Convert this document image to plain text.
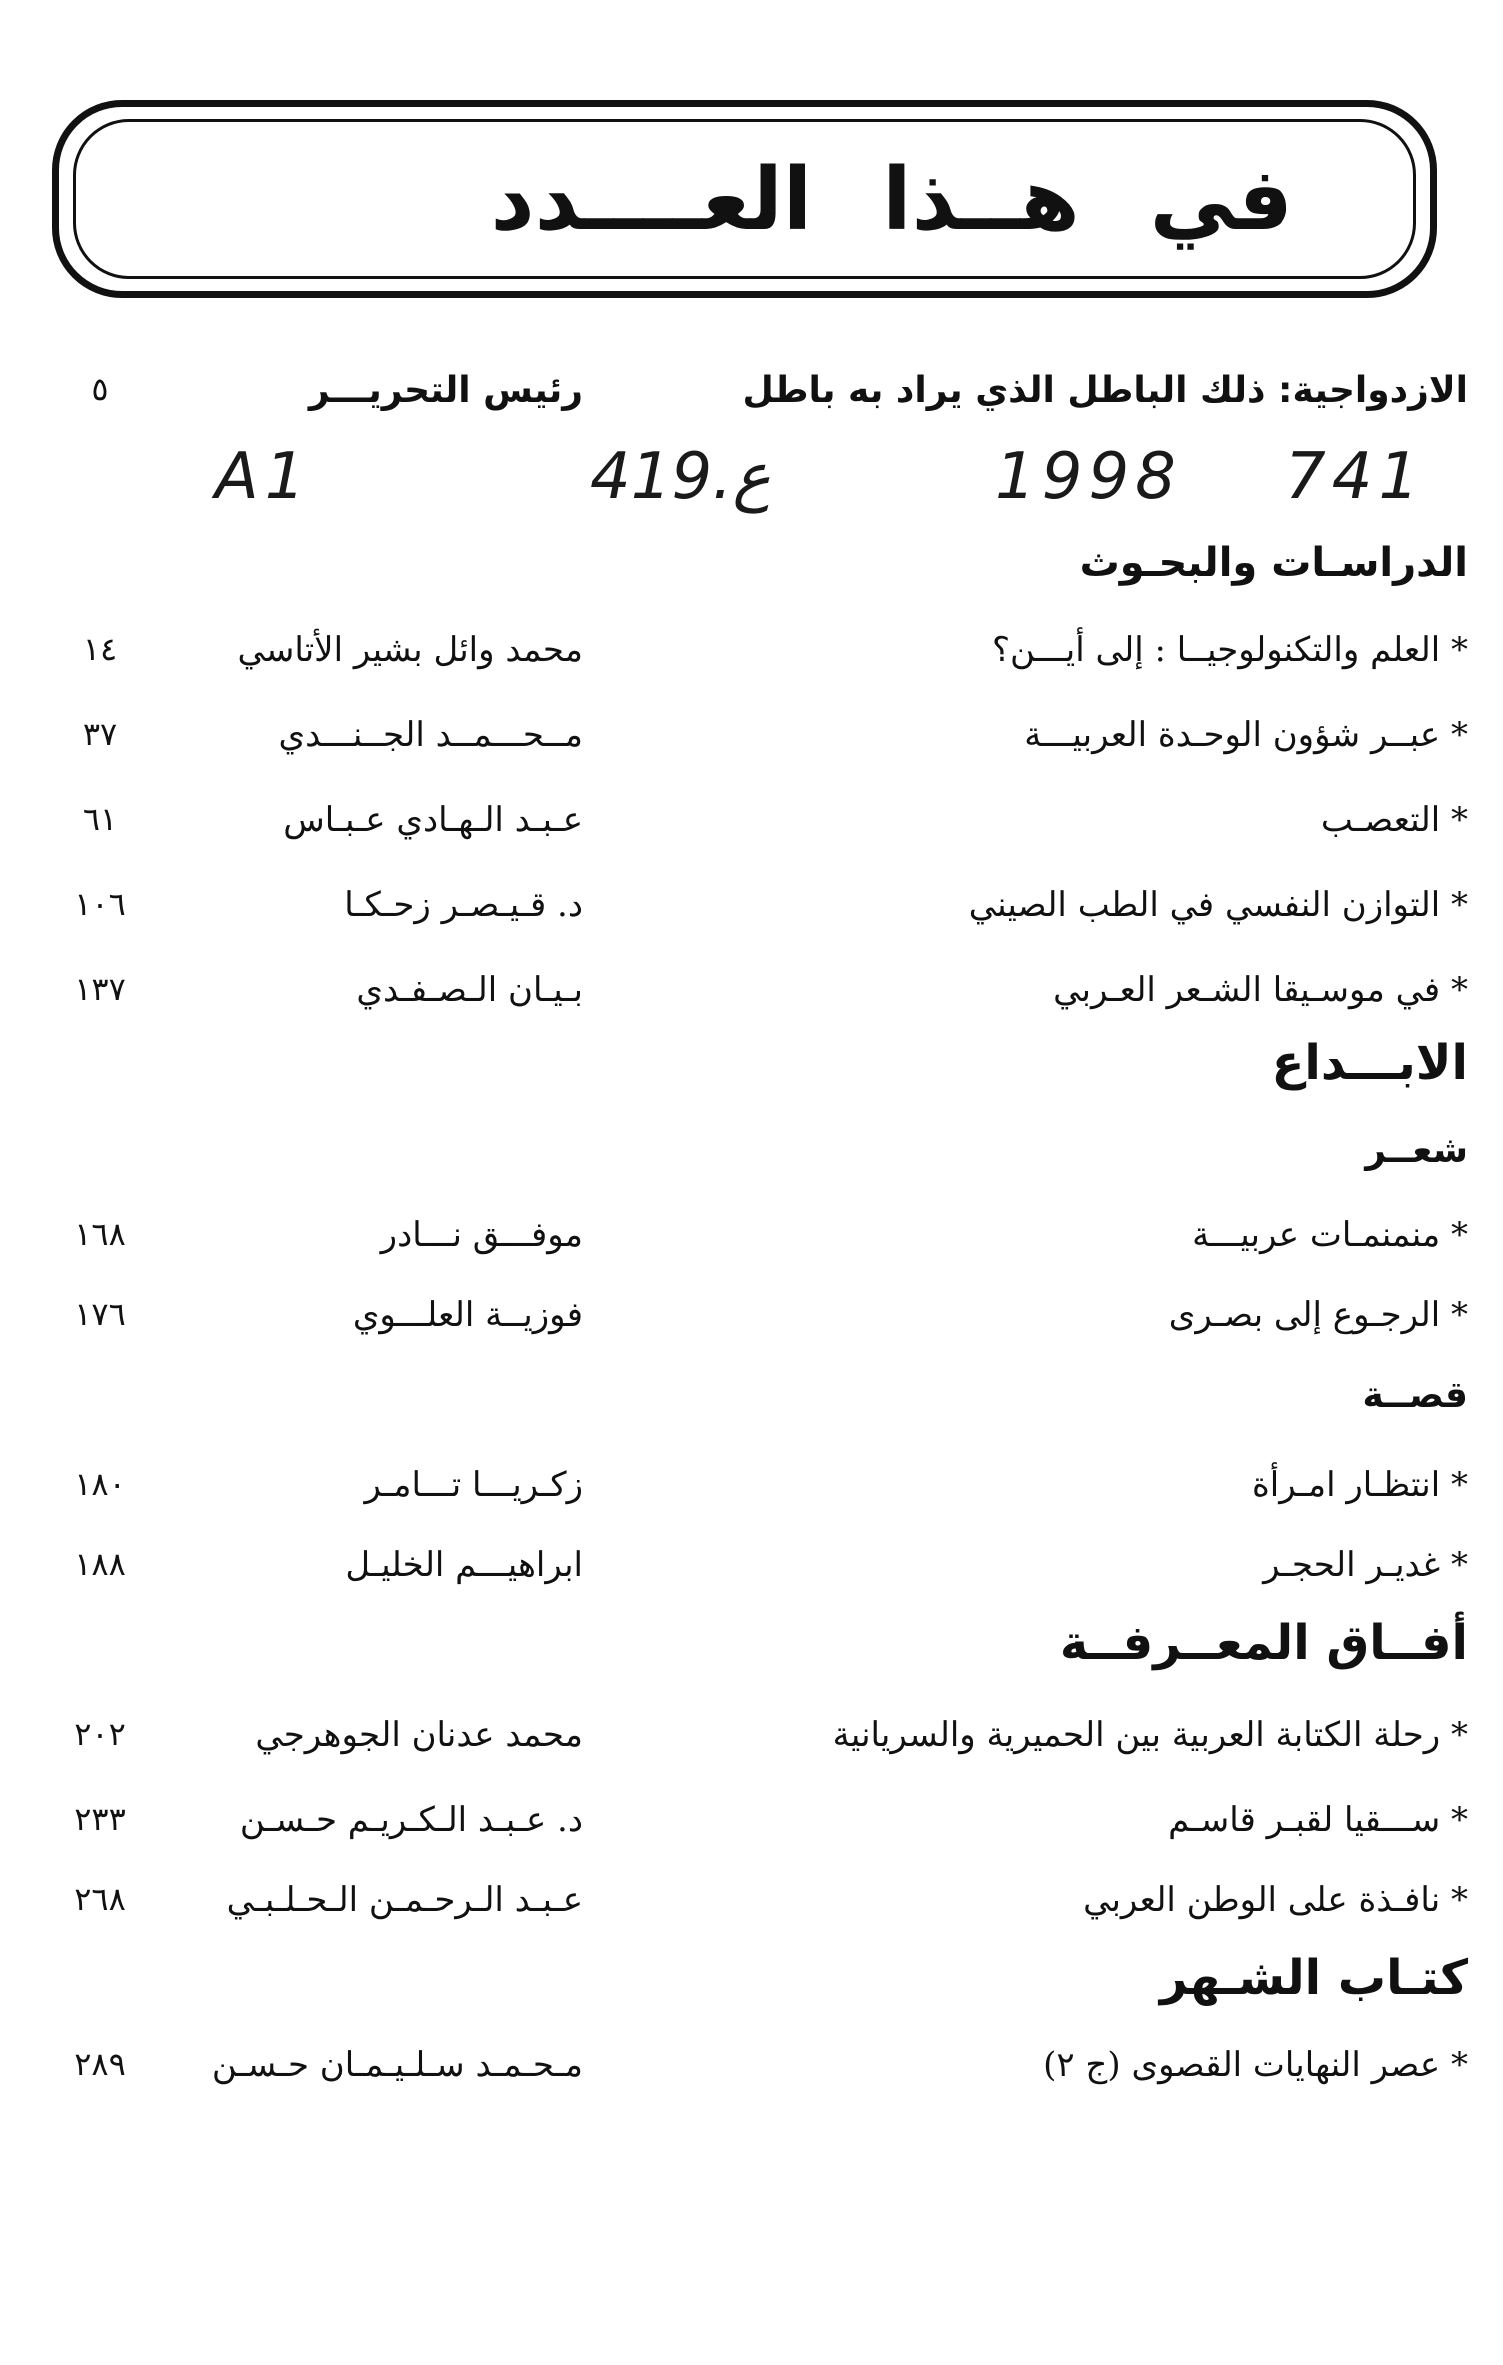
في هــذا العــــدد
الازدواجية: ذلك الباطل الذي يراد به باطل
رئيس التحريـــر
٥
A1	419.ع	1998 741
الدراسـات والبحـوث
* العلم والتكنولوجيــا : إلى أيـــن؟
محمد وائل بشير الأتاسي
١٤
* عبــر شؤون الوحـدة العربيـــة
مــحـــمــد الجــنـــدي
٣٧
* التعصـب
عـبـد الـهـادي عـبـاس
٦١
* التوازن النفسي في الطب الصيني
د. قـيـصـر زحـكـا
١٠٦
* في موسـيقا الشـعر العـربي
بـيـان الـصـفـدي
١٣٧
الابـــداع
شعــر
* منمنمـات عربيـــة
موفـــق نـــادر
١٦٨
* الرجـوع إلى بصـرى
فوزيــة العلـــوي
١٧٦
قصــة
* انتظـار امـرأة
زكـريـــا تـــامـر
١٨٠
* غديـر الحجـر
ابراهيـــم الخليـل
١٨٨
أفــاق المعــرفــة
* رحلة الكتابة العربية بين الحميرية والسريانية
محمد عدنان الجوهرجي
٢٠٢
* ســـقيا لقبـر قاسـم
د. عـبـد الـكـريـم حـسـن
٢٣٣
* نافـذة على الوطن العربي
عـبـد الـرحـمـن الـحـلـبـي
٢٦٨
كتـاب الشـهر
* عصر النهايات القصوى (ج ٢)
مـحـمـد سـلـيـمـان حـسـن
٢٨٩
